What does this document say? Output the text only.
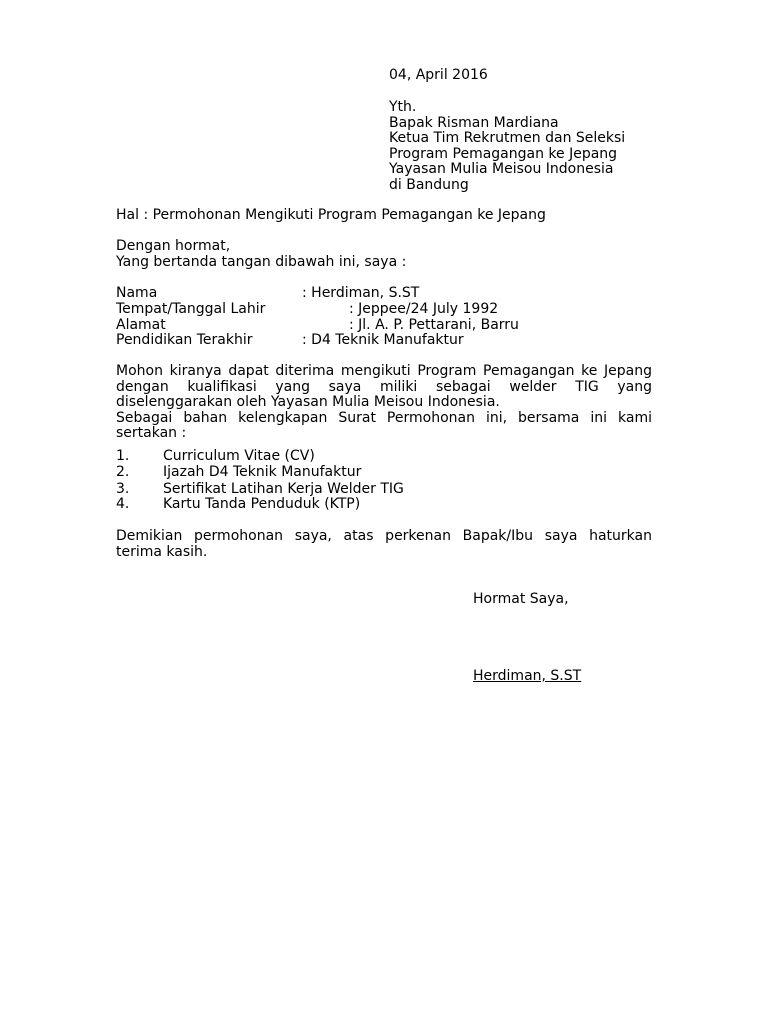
04, April 2016
Yth.
Bapak Risman Mardiana
Ketua Tim Rekrutmen dan Seleksi
Program Pemagangan ke Jepang
Yayasan Mulia Meisou Indonesia
di Bandung
Hal : Permohonan Mengikuti Program Pemagangan ke Jepang
Dengan hormat,
Yang bertanda tangan dibawah ini, saya :
Nama	: Herdiman, S.ST
Tempat/Tanggal Lahir	: Jeppee/24 July 1992
Alamat	: Jl. A. P. Pettarani, Barru
Pendidikan Terakhir	: D4 Teknik Manufaktur
Mohon kiranya dapat diterima mengikuti Program Pemagangan ke Jepang
dengan kualifikasi yang saya miliki sebagai welder TIG yang
diselenggarakan oleh Yayasan Mulia Meisou Indonesia.
Sebagai bahan kelengkapan Surat Permohonan ini, bersama ini kami
sertakan :
1. Curriculum Vitae (CV)
2. Ijazah D4 Teknik Manufaktur
3. Sertifikat Latihan Kerja Welder TIG
4. Kartu Tanda Penduduk (KTP)
Demikian permohonan saya, atas perkenan Bapak/Ibu saya haturkan
terima kasih.
Hormat Saya,
Herdiman, S.ST
